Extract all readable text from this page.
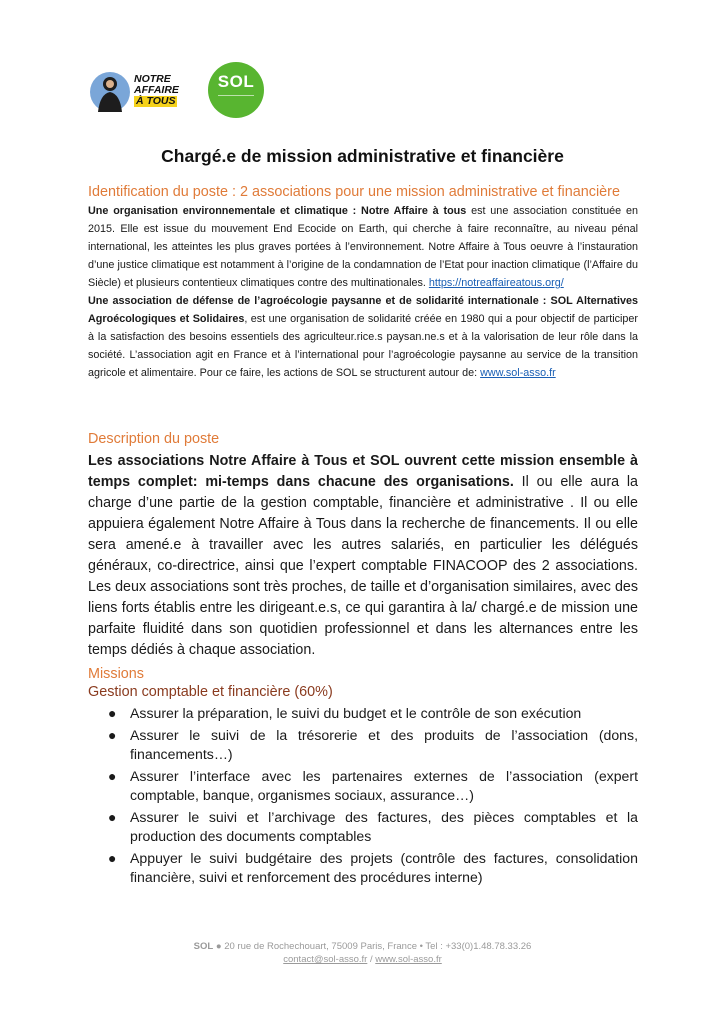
NOTRE
AFFAIRE
À TOUS
SOL
Chargé.e de mission administrative et financière
Identification du poste : 2 associations pour une mission administrative et financière

Une organisation environnementale et climatique : Notre Affaire à tous est une association constituée en 2015. Elle est issue du mouvement End Ecocide on Earth, qui cherche à faire reconnaître, au niveau pénal international, les atteintes les plus graves portées à l’environnement. Notre Affaire à Tous oeuvre à l’instauration d’une justice climatique est notamment à l’origine de la condamnation de l’Etat pour inaction climatique (l’Affaire du Siècle) et plusieurs contentieux climatiques contre des multinationales. https://notreaffaireatous.org/

Une association de défense de l’agroécologie paysanne et de solidarité internationale : SOL Alternatives Agroécologiques et Solidaires, est une organisation de solidarité créée en 1980 qui a pour objectif de participer à la satisfaction des besoins essentiels des agriculteur.rice.s paysan.ne.s et à la valorisation de leur rôle dans la société. L’association agit en France et à l’international pour l’agroécologie paysanne au service de la transition agricole et alimentaire. Pour ce faire, les actions de SOL se structurent autour de: www.sol-asso.fr

Description du poste

Les associations Notre Affaire à Tous et SOL ouvrent cette mission ensemble à temps complet: mi-temps dans chacune des organisations. Il ou elle aura la charge d’une partie de la gestion comptable, financière et administrative . Il ou elle appuiera également Notre Affaire à Tous dans la recherche de financements. Il ou elle sera amené.e à travailler avec les autres salariés, en particulier les délégués généraux, co-directrice, ainsi que l’expert comptable FINACOOP des 2 associations. Les deux associations sont très proches, de taille et d’organisation similaires, avec des liens forts établis entre les dirigeant.e.s, ce qui garantira à la/ chargé.e de mission une parfaite fluidité dans son quotidien professionnel et dans les alternances entre les temps dédiés à chaque association.

Missions
Gestion comptable et financière (60%)
● Assurer la préparation, le suivi du budget et le contrôle de son exécution
● Assurer le suivi de la trésorerie et des produits de l’association (dons, financements…)
● Assurer l’interface avec les partenaires externes de l’association (expert comptable, banque, organismes sociaux, assurance…)
● Assurer le suivi et l’archivage des factures, des pièces comptables et la production des documents comptables
● Appuyer le suivi budgétaire des projets (contrôle des factures, consolidation financière, suivi et renforcement des procédures interne)
SOL ● 20 rue de Rochechouart, 75009 Paris, France • Tel : +33(0)1.48.78.33.26
contact@sol-asso.fr / www.sol-asso.fr
